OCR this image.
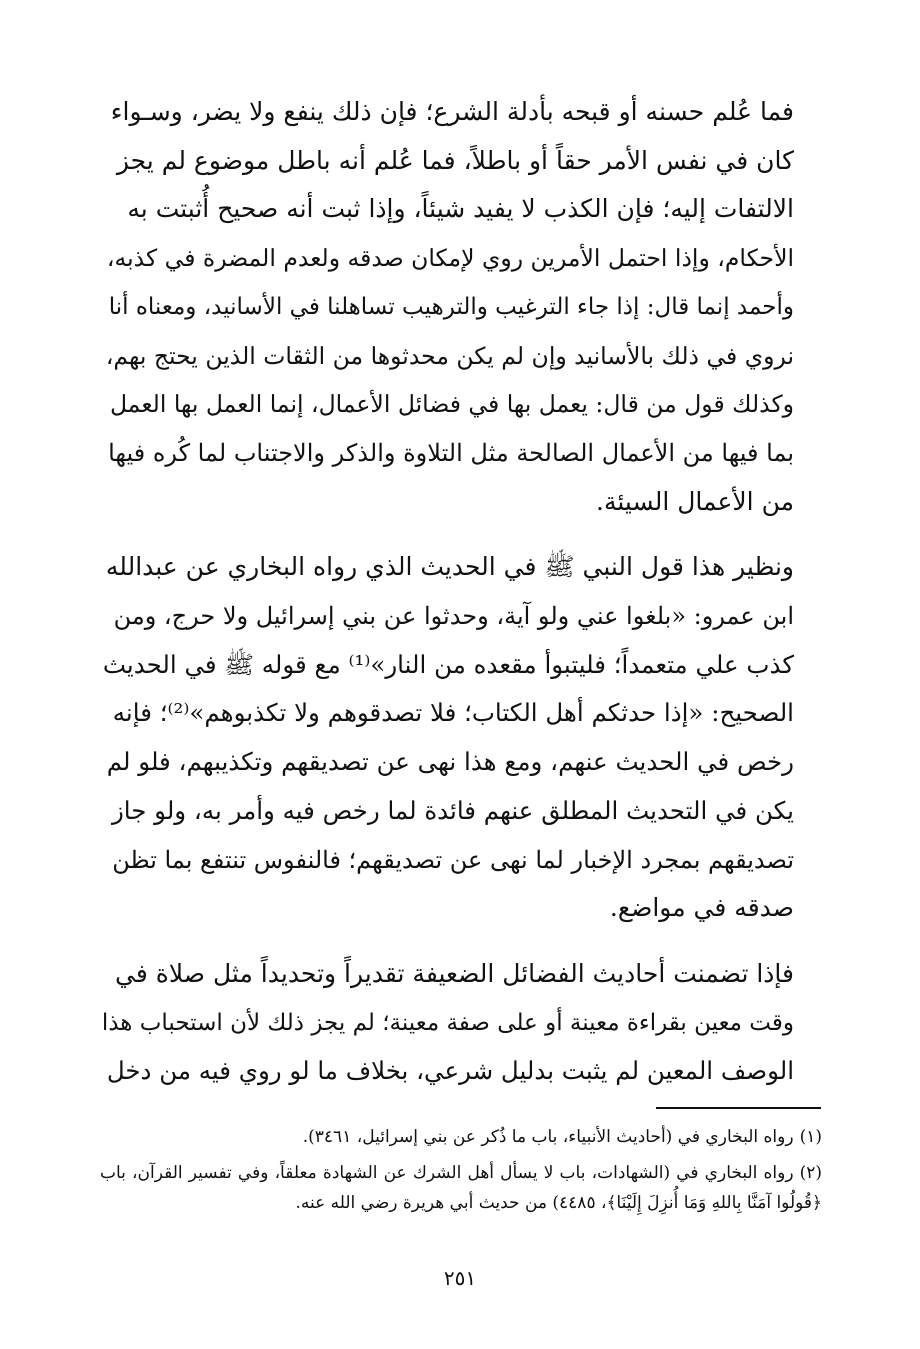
فما عُلم حسنه أو قبحه بأدلة الشرع؛ فإن ذلك ينفع ولا يضر، وسـواء
كان في نفس الأمر حقاً أو باطلاً، فما عُلم أنه باطل موضوع لم يجز
الالتفات إليه؛ فإن الكذب لا يفيد شيئاً، وإذا ثبت أنه صحيح أُثبتت به
الأحكام، وإذا احتمل الأمرين روي لإمكان صدقه ولعدم المضرة في كذبه،
وأحمد إنما قال: إذا جاء الترغيب والترهيب تساهلنا في الأسانيد، ومعناه أنا
نروي في ذلك بالأسانيد وإن لم يكن محدثوها من الثقات الذين يحتج بهم،
وكذلك قول من قال: يعمل بها في فضائل الأعمال، إنما العمل بها العمل
بما فيها من الأعمال الصالحة مثل التلاوة والذكر والاجتناب لما كُره فيها
من الأعمال السيئة.

ونظير هذا قول النبي ﷺ في الحديث الذي رواه البخاري عن عبدالله
ابن عمرو: «بلغوا عني ولو آية، وحدثوا عن بني إسرائيل ولا حرج، ومن
كذب علي متعمداً؛ فليتبوأ مقعده من النار»⁽¹⁾ مع قوله ﷺ في الحديث
الصحيح: «إذا حدثكم أهل الكتاب؛ فلا تصدقوهم ولا تكذبوهم»⁽²⁾؛ فإنه
رخص في الحديث عنهم، ومع هذا نهى عن تصديقهم وتكذيبهم، فلو لم
يكن في التحديث المطلق عنهم فائدة لما رخص فيه وأمر به، ولو جاز
تصديقهم بمجرد الإخبار لما نهى عن تصديقهم؛ فالنفوس تنتفع بما تظن
صدقه في مواضع.

فإذا تضمنت أحاديث الفضائل الضعيفة تقديراً وتحديداً مثل صلاة في
وقت معين بقراءة معينة أو على صفة معينة؛ لم يجز ذلك لأن استحباب هذا
الوصف المعين لم يثبت بدليل شرعي، بخلاف ما لو روي فيه من دخل

(١)رواه البخاري في (أحاديث الأنبياء، باب ما ذُكر عن بني إسرائيل، ٣٤٦١).

(٢)رواه البخاري في (الشهادات، باب لا يسأل أهل الشرك عن الشهادة معلقاً، وفي تفسير القرآن، باب ﴿قُولُوا آمَنَّا بِاللهِ وَمَا أُنزِلَ إِلَيْنَا﴾، ٤٤٨٥) من حديث أبي هريرة رضي الله عنه.

٢٥١
